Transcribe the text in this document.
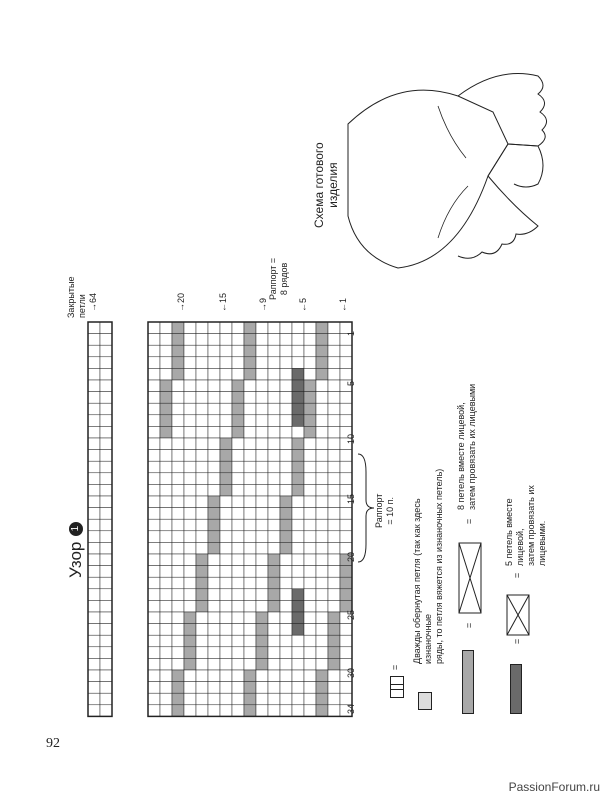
Узор
1
Закрытые петли →64
→20
←15
→9
←5
←1
Раппорт = 8 рядов
1
5
10
15
20
25
30
34
Раппорт = 10 п.
Схема готового изделия
=
Дважды обернутая петля (так как здесь изнаночные ряды, то петля вяжется из изнаночных петель) =
=
8 петель вместе лицевой, затем провязать их лицевыми
=
=
5 петель вместе лицевой, затем провязать их лицевыми.
92
PassionForum.ru
